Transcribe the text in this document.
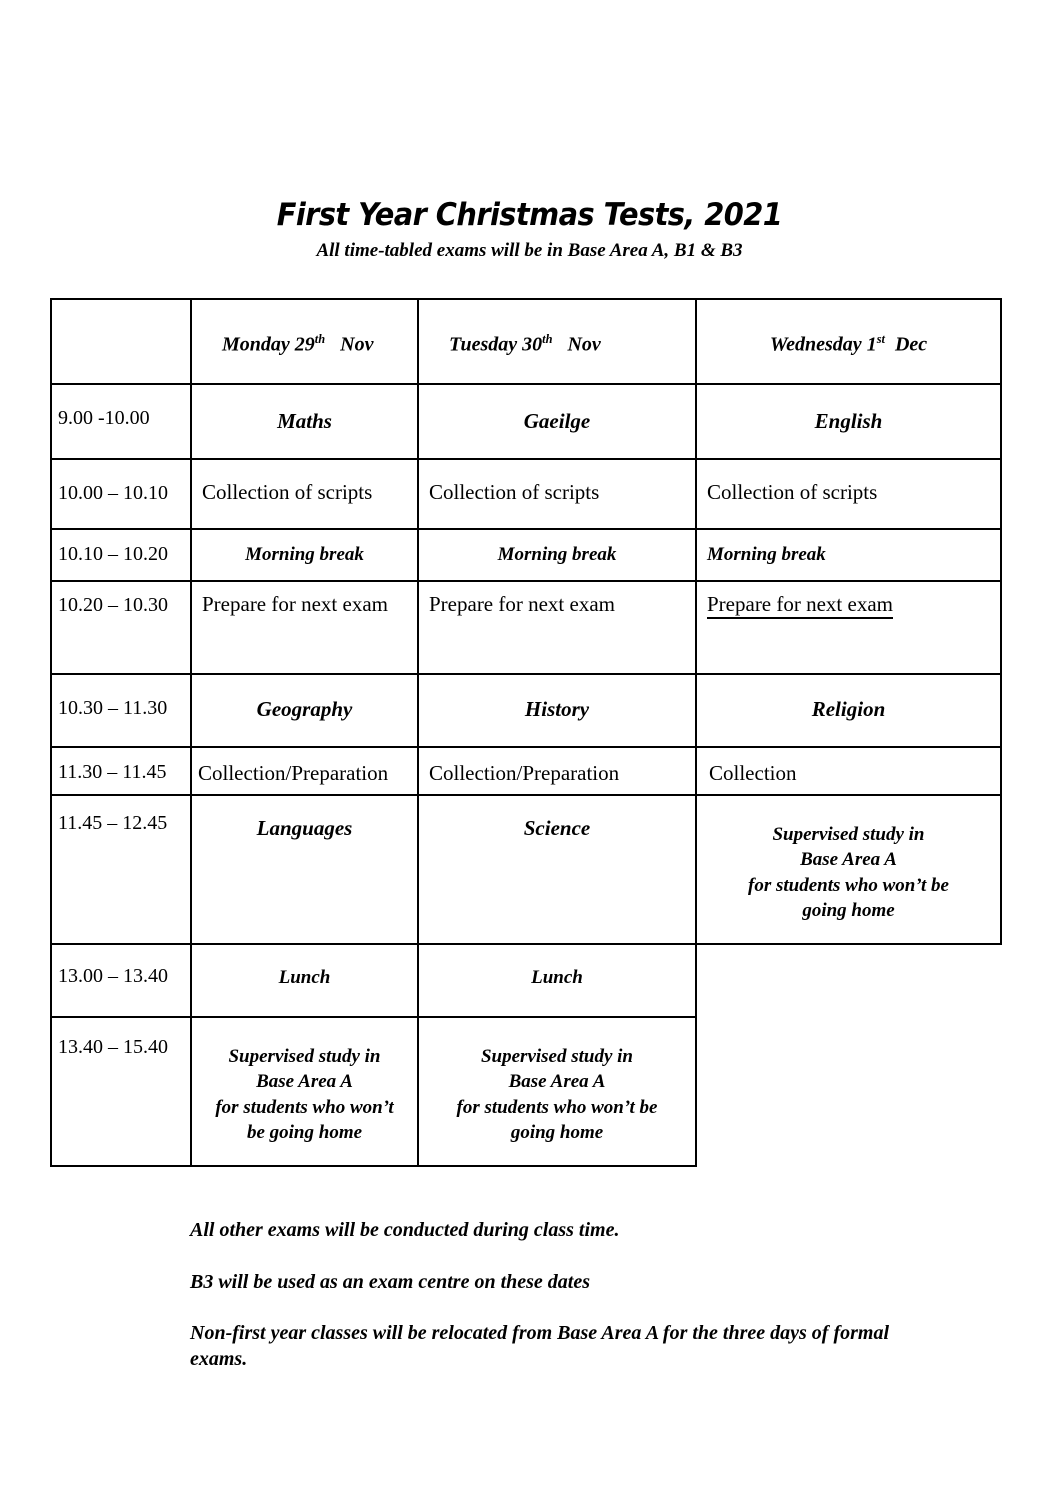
First Year Christmas Tests, 2021
All time-tabled exams will be in Base Area A, B1 & B3

	Monday 29th Nov	Tuesday 30th Nov	Wednesday 1st Dec

9.00 -10.00	Maths	Gaeilge	English

10.00 – 10.10	Collection of scripts	Collection of scripts	Collection of scripts

10.10 – 10.20	Morning break	Morning break	Morning break

10.20 – 10.30	Prepare for next exam	Prepare for next exam	Prepare for next exam

10.30 – 11.30	Geography	History	Religion

11.30 – 11.45	Collection/Preparation	Collection/Preparation	Collection

11.45 – 12.45	Languages	Science	Supervised study in
Base Area A
for students who won’t be
going home

13.00 – 13.40	Lunch	Lunch	

13.40 – 15.40	Supervised study in
Base Area A
for students who won’t
be going home	Supervised study in
Base Area A
for students who won’t be
going home	

All other exams will be conducted during class time.

B3 will be used as an exam centre on these dates

Non-first year classes will be relocated from Base Area A for the three days of formal exams.
